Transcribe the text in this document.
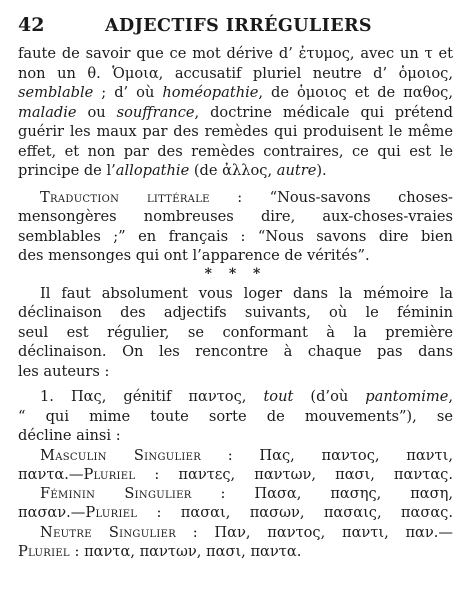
42	ADJECTIFS IRRÉGULIERS
faute de savoir que ce mot dérive d’ ἐτυμος, avec un τ et
non un θ. Ὁμοια, accusatif pluriel neutre d’ ὁμοιος,
semblable ; d’ où homéopathie, de ὁμοιος et de παθος,
maladie ou souffrance, doctrine médicale qui prétend
guérir les maux par des remèdes qui produisent le même
effet, et non par des remèdes contraires, ce qui est le
principe de l’allopathie (de ἀλλος, autre).
Traduction littérale : “Nous-savons choses-
mensongères nombreuses dire, aux-choses-vraies
semblables ;” en français : “Nous savons dire bien
des mensonges qui ont l’apparence de vérités”.
* * *
Il faut absolument vous loger dans la mémoire la
déclinaison des adjectifs suivants, où le féminin
seul est régulier, se conformant à la première
déclinaison. On les rencontre à chaque pas dans
les auteurs :
1. Πας, génitif παντος, tout (d’où pantomime,
“ qui mime toute sorte de mouvements”), se
décline ainsi :
Masculin Singulier : Πας, παντος, παντι,
παντα.—Pluriel : παντες, παντων, πασι, παντας.
Féminin Singulier : Πασα, πασης, παση,
πασαν.—Pluriel : πασαι, πασων, πασαις, πασας.
Neutre Singulier : Παν, παντος, παντι, παν.—
Pluriel : παντα, παντων, πασι, παντα.
